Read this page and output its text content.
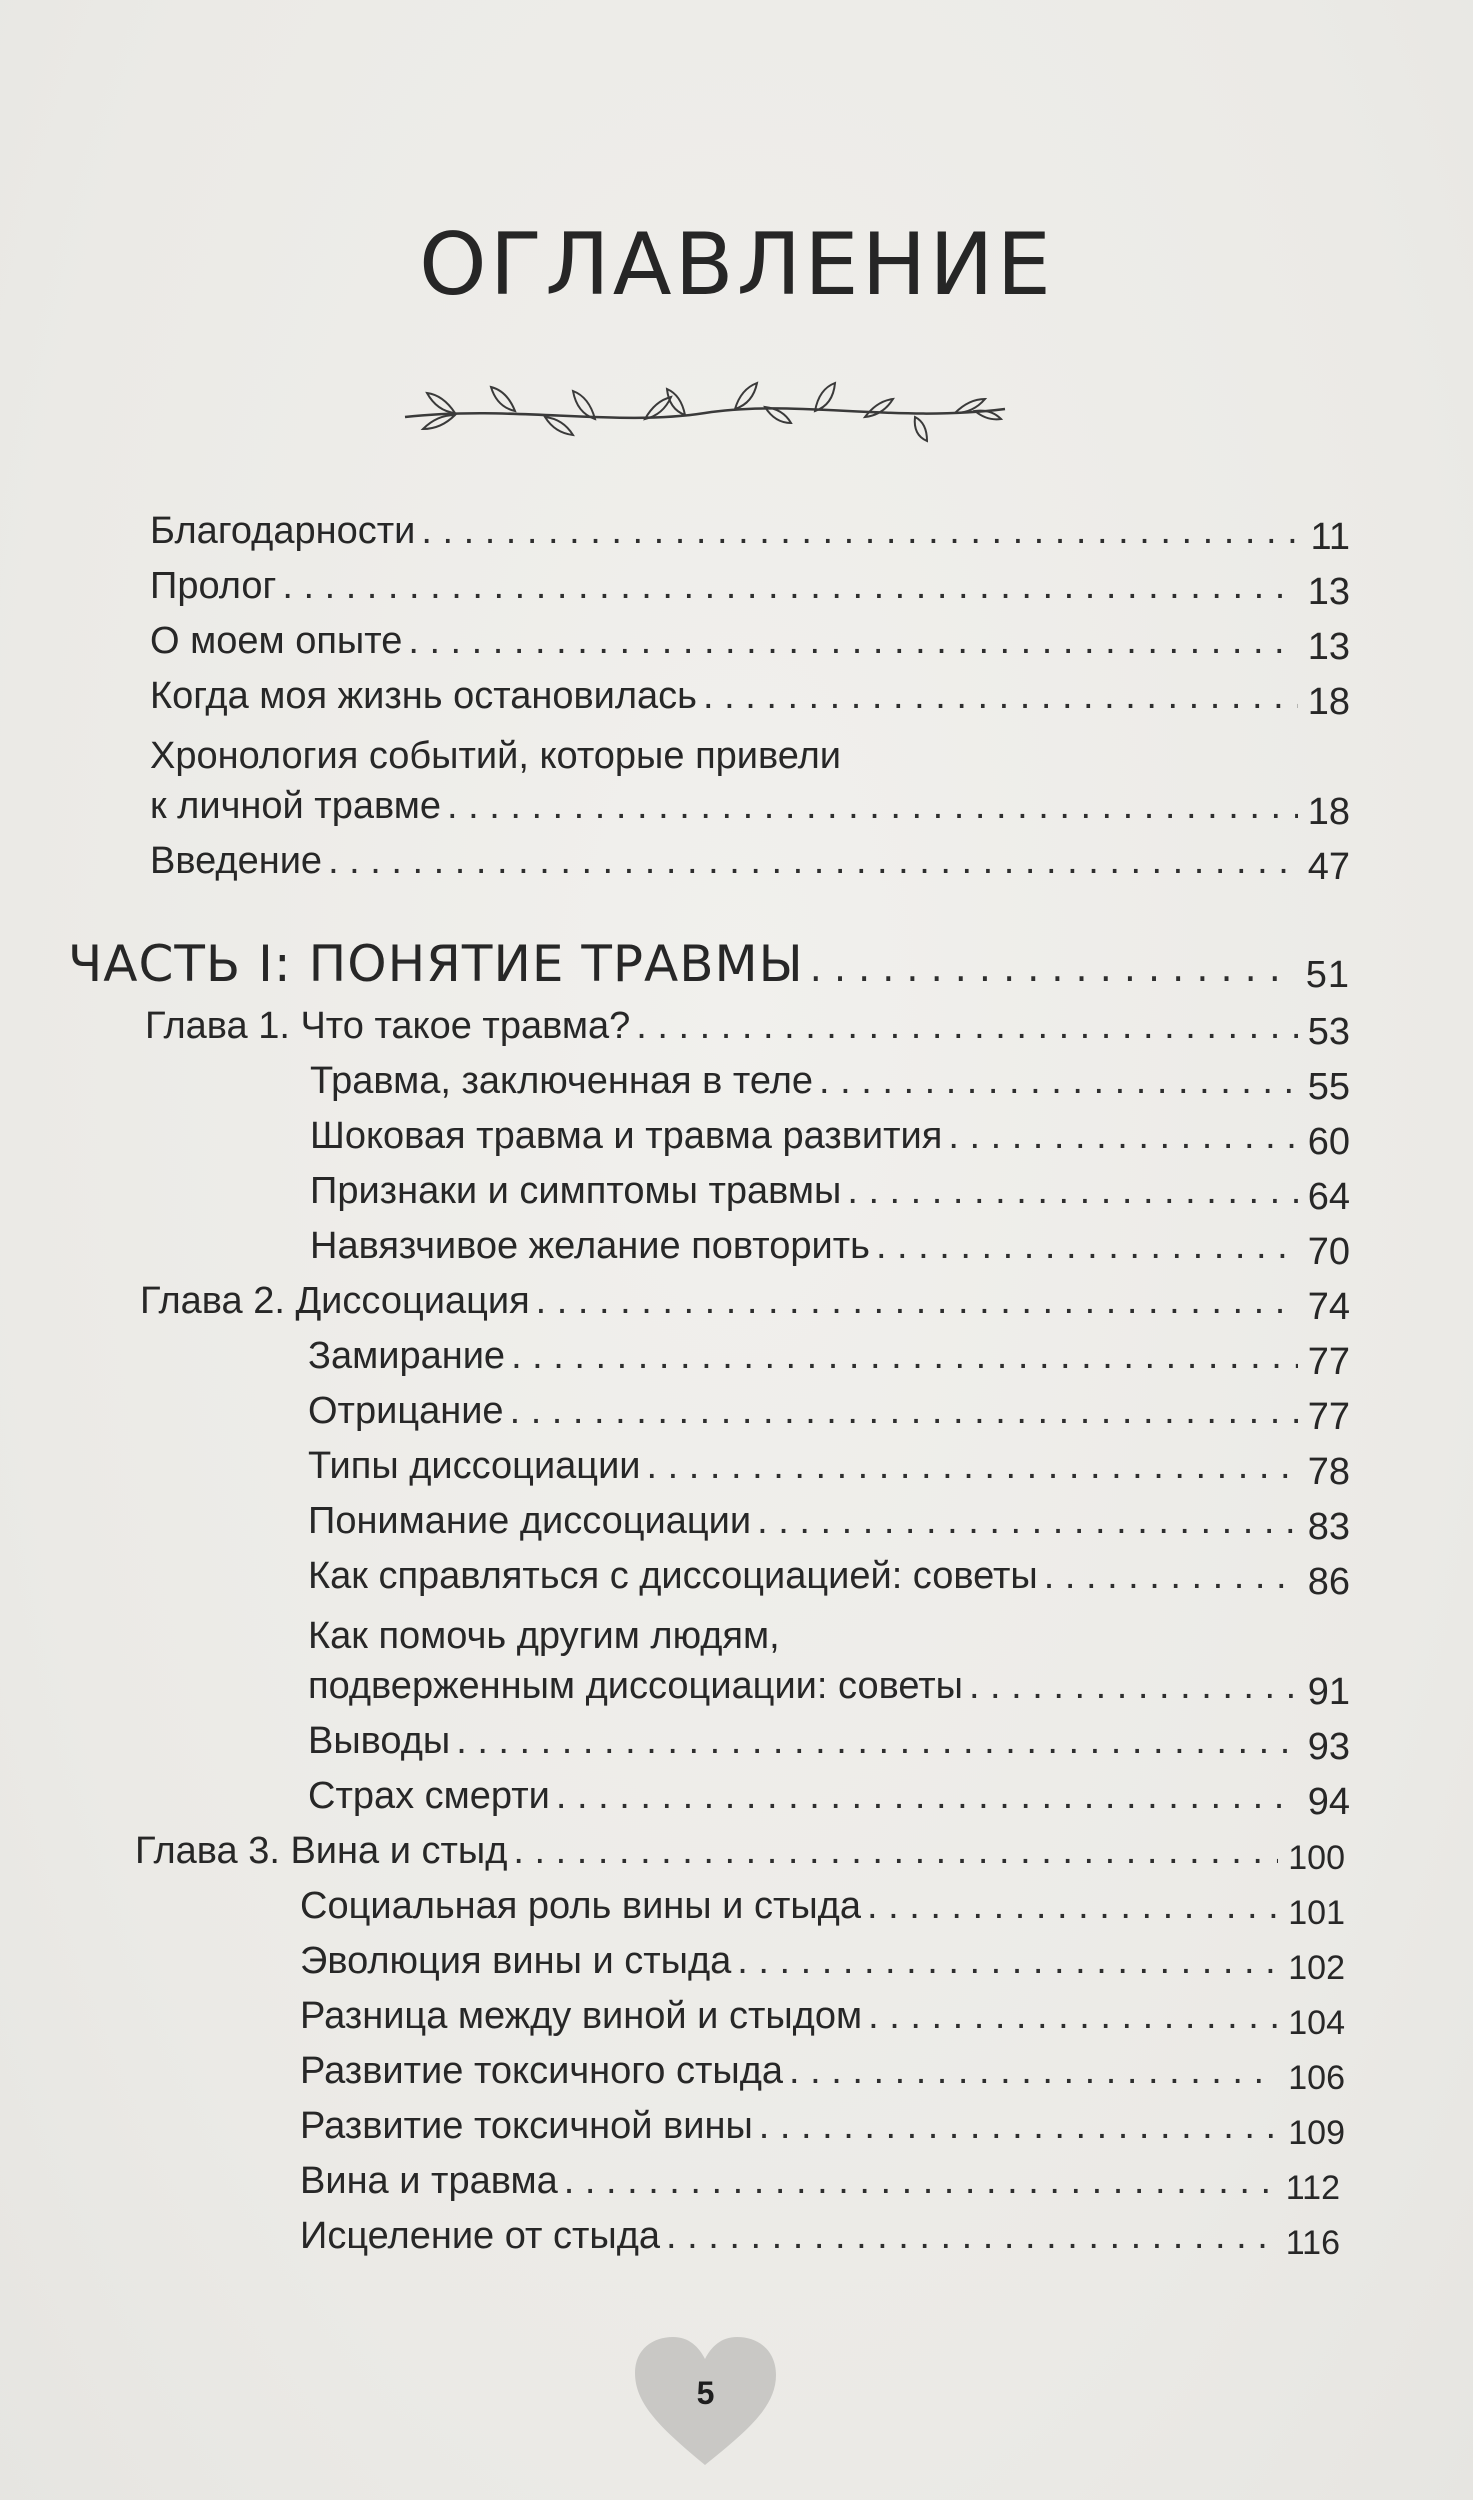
ОГЛАВЛЕНИЕ
Благодарности . . .	11
Пролог . . .	13
О моем опыте . . .	13
Когда моя жизнь остановилась . . .	18
Хронология событий, которые привели
к личной травме . . .	18
Введение . . .	47
ЧАСТЬ I: ПОНЯТИЕ ТРАВМЫ . . .	51
Глава 1. Что такое травма? . . .	53
Травма, заключенная в теле . . .	55
Шоковая травма и травма развития . . .	60
Признаки и симптомы травмы . . .	64
Навязчивое желание повторить . . .	70
Глава 2. Диссоциация . . .	74
Замирание . . .	77
Отрицание . . .	77
Типы диссоциации . . .	78
Понимание диссоциации . . .	83
Как справляться с диссоциацией: советы . . .	86
Как помочь другим людям,
подверженным диссоциации: советы . . .	91
Выводы . . .	93
Страх смерти . . .	94
Глава 3. Вина и стыд . . .	100
Социальная роль вины и стыда . . .	101
Эволюция вины и стыда . . .	102
Разница между виной и стыдом . . .	104
Развитие токсичного стыда . . .	106
Развитие токсичной вины . . .	109
Вина и травма . . .	112
Исцеление от стыда . . .	116
5
